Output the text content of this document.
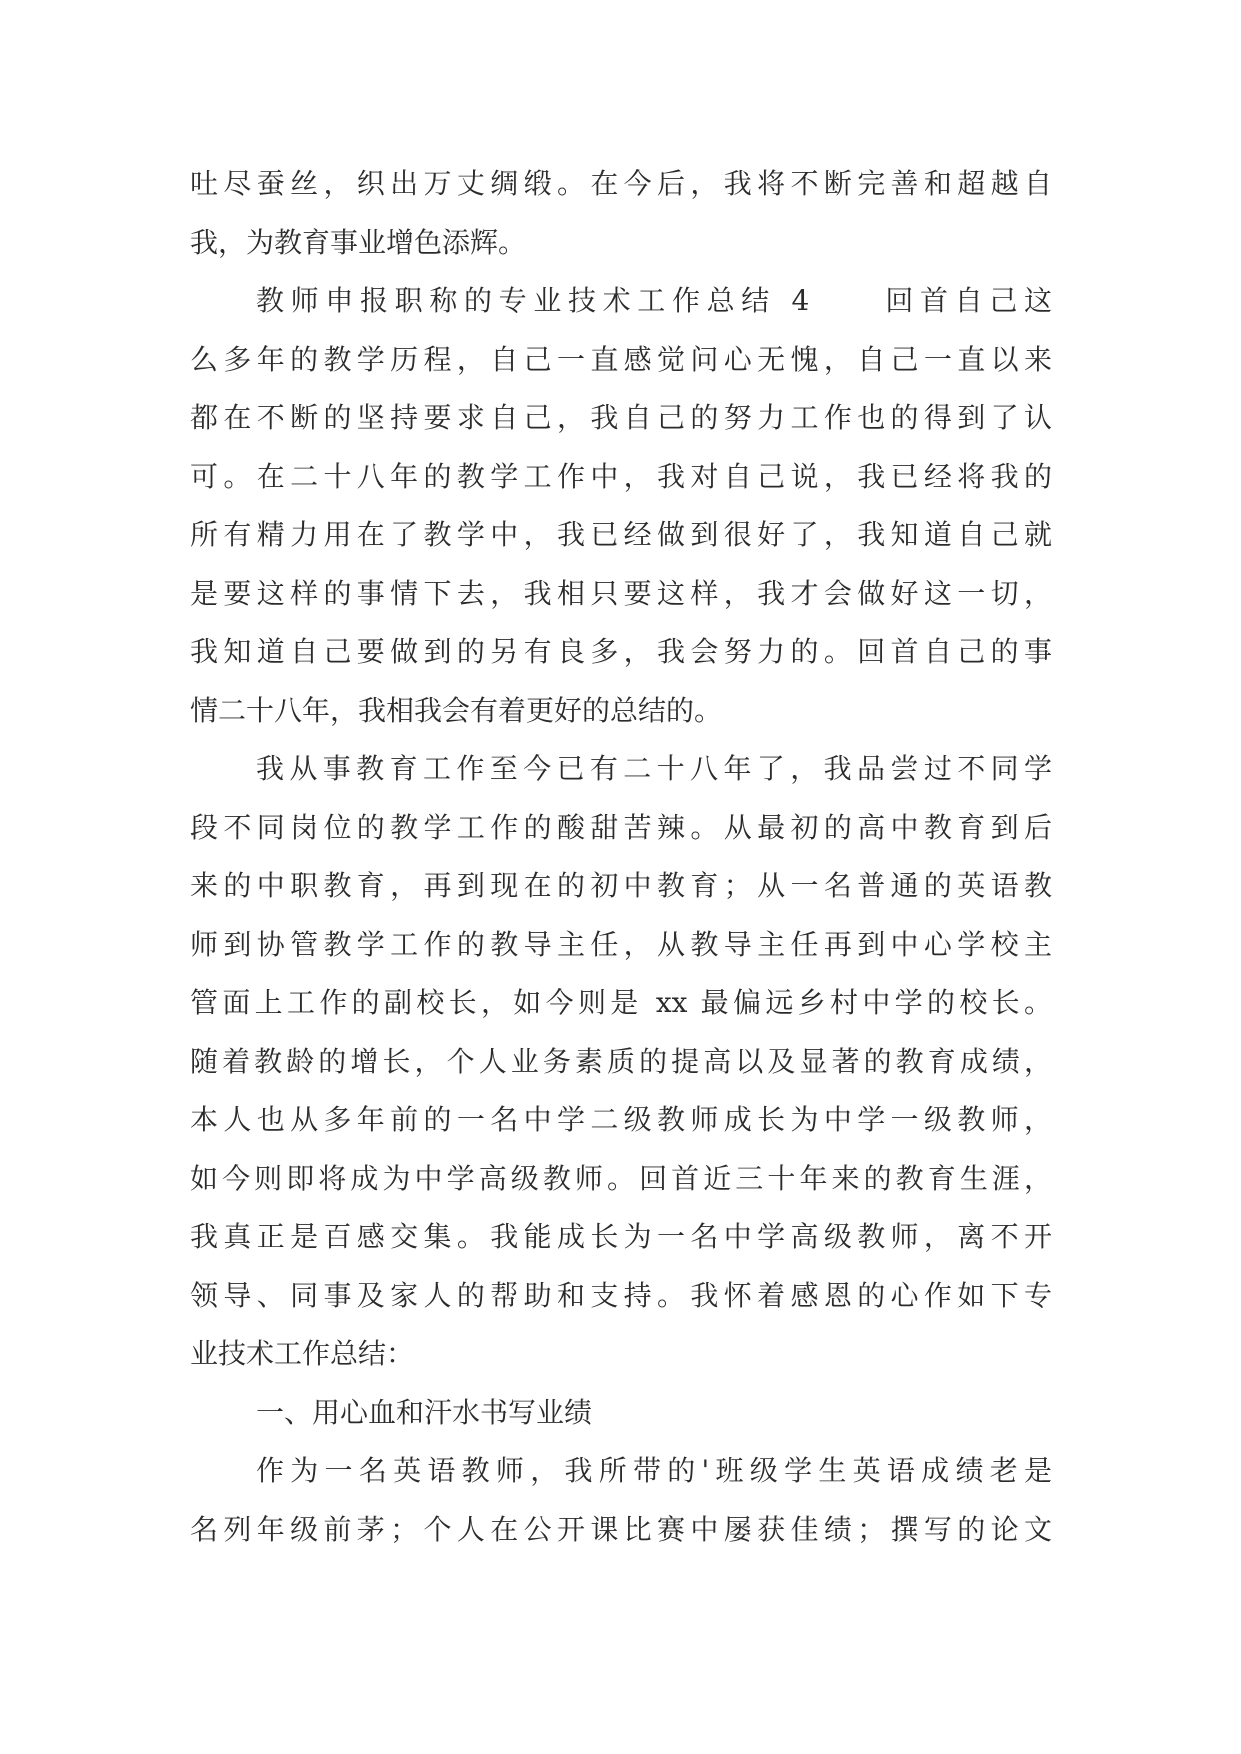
吐尽蚕丝，织出万丈绸缎。在今后，我将不断完善和超越自
我，为教育事业增色添辉。
教师申报职称的专业技术工作总结 4　　回首自己这
么多年的教学历程，自己一直感觉问心无愧，自己一直以来
都在不断的坚持要求自己，我自己的努力工作也的得到了认
可。在二十八年的教学工作中，我对自己说，我已经将我的
所有精力用在了教学中，我已经做到很好了，我知道自己就
是要这样的事情下去，我相只要这样，我才会做好这一切，
我知道自己要做到的另有良多，我会努力的。回首自己的事
情二十八年，我相我会有着更好的总结的。
我从事教育工作至今已有二十八年了，我品尝过不同学
段不同岗位的教学工作的酸甜苦辣。从最初的高中教育到后
来的中职教育，再到现在的初中教育；从一名普通的英语教
师到协管教学工作的教导主任，从教导主任再到中心学校主
管面上工作的副校长，如今则是 xx 最偏远乡村中学的校长。
随着教龄的增长，个人业务素质的提高以及显著的教育成绩，
本人也从多年前的一名中学二级教师成长为中学一级教师，
如今则即将成为中学高级教师。回首近三十年来的教育生涯，
我真正是百感交集。我能成长为一名中学高级教师，离不开
领导、同事及家人的帮助和支持。我怀着感恩的心作如下专
业技术工作总结：
一、用心血和汗水书写业绩
作为一名英语教师，我所带的'班级学生英语成绩老是
名列年级前茅；个人在公开课比赛中屡获佳绩；撰写的论文
